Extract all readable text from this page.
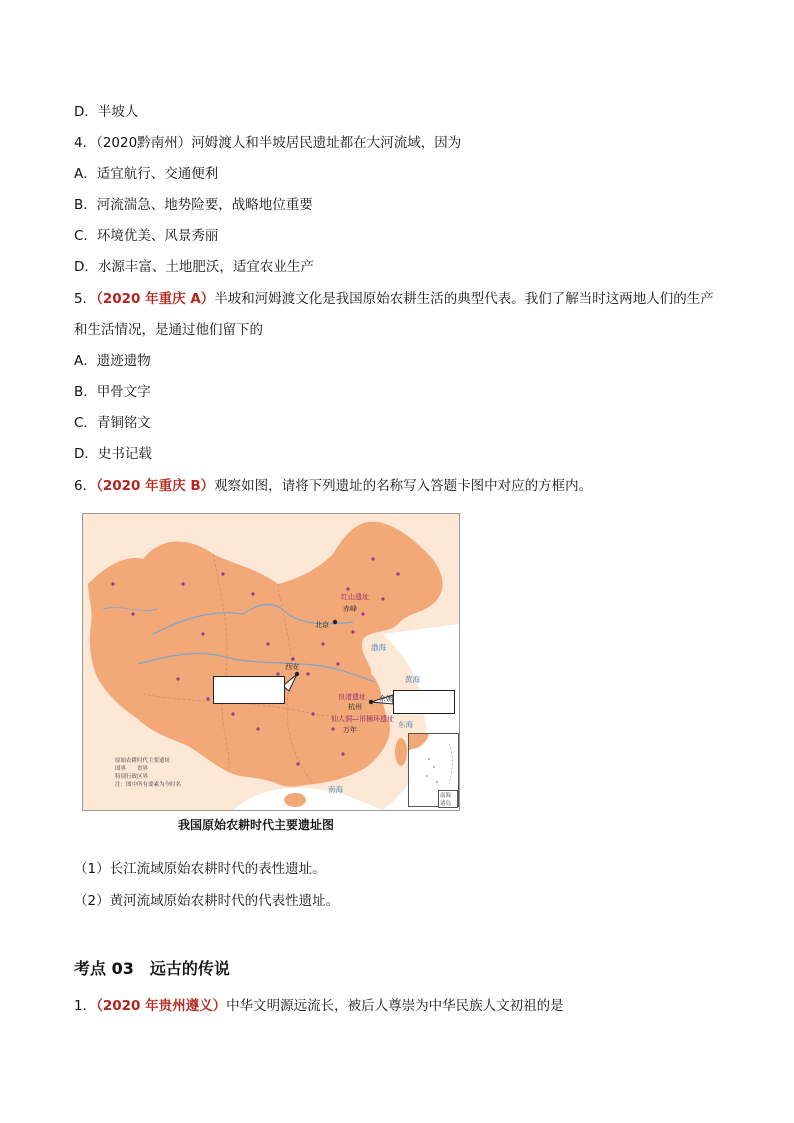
D．半坡人
4．（2020黔南州）河姆渡人和半坡居民遗址都在大河流域，因为
A．适宜航行、交通便利
B．河流湍急、地势险要，战略地位重要
C．环境优美、风景秀丽
D．水源丰富、土地肥沃，适宜农业生产
5．（2020 年重庆 A）半坡和河姆渡文化是我国原始农耕生活的典型代表。我们了解当时这两地人们的生产
和生活情况，是通过他们留下的
A．遗迹遗物
B．甲骨文字
C．青铜铭文
D．史书记载
6．（2020 年重庆 B）观察如图，请将下列遗址的名称写入答题卡图中对应的方框内。
红山遗址
赤峰
北京
西安
良渚遗址
杭州
余姚
仙人洞—吊桶环遗址
万年
渤海
黄海
东海
南海
原始农耕时代主要遗址
国界　　省界
特别行政区界
注：图中所有要素为今时名
南海诸岛
我国原始农耕时代主要遗址图
（1）长江流域原始农耕时代的表性遗址。
（2）黄河流域原始农耕时代的代表性遗址。
考点 03　远古的传说
1．（2020 年贵州遵义）中华文明源远流长，被后人尊崇为中华民族人文初祖的是
